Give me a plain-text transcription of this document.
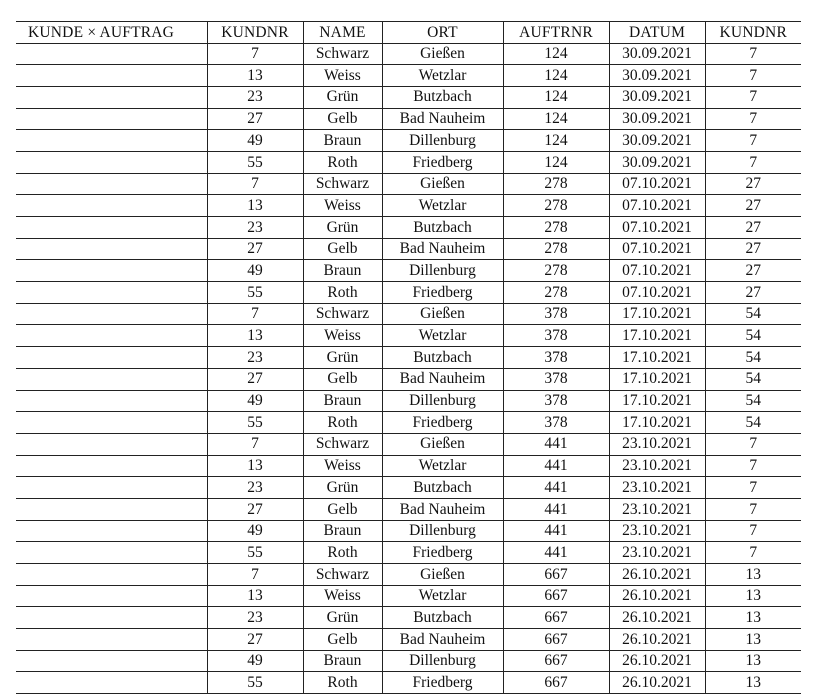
KUNDE × AUFTRAG	KUNDNR	NAME	ORT	AUFTRNR	DATUM	KUNDNR
	7	Schwarz	Gießen	124	30.09.2021	7
	13	Weiss	Wetzlar	124	30.09.2021	7
	23	Grün	Butzbach	124	30.09.2021	7
	27	Gelb	Bad Nauheim	124	30.09.2021	7
	49	Braun	Dillenburg	124	30.09.2021	7
	55	Roth	Friedberg	124	30.09.2021	7
	7	Schwarz	Gießen	278	07.10.2021	27
	13	Weiss	Wetzlar	278	07.10.2021	27
	23	Grün	Butzbach	278	07.10.2021	27
	27	Gelb	Bad Nauheim	278	07.10.2021	27
	49	Braun	Dillenburg	278	07.10.2021	27
	55	Roth	Friedberg	278	07.10.2021	27
	7	Schwarz	Gießen	378	17.10.2021	54
	13	Weiss	Wetzlar	378	17.10.2021	54
	23	Grün	Butzbach	378	17.10.2021	54
	27	Gelb	Bad Nauheim	378	17.10.2021	54
	49	Braun	Dillenburg	378	17.10.2021	54
	55	Roth	Friedberg	378	17.10.2021	54
	7	Schwarz	Gießen	441	23.10.2021	7
	13	Weiss	Wetzlar	441	23.10.2021	7
	23	Grün	Butzbach	441	23.10.2021	7
	27	Gelb	Bad Nauheim	441	23.10.2021	7
	49	Braun	Dillenburg	441	23.10.2021	7
	55	Roth	Friedberg	441	23.10.2021	7
	7	Schwarz	Gießen	667	26.10.2021	13
	13	Weiss	Wetzlar	667	26.10.2021	13
	23	Grün	Butzbach	667	26.10.2021	13
	27	Gelb	Bad Nauheim	667	26.10.2021	13
	49	Braun	Dillenburg	667	26.10.2021	13
	55	Roth	Friedberg	667	26.10.2021	13
